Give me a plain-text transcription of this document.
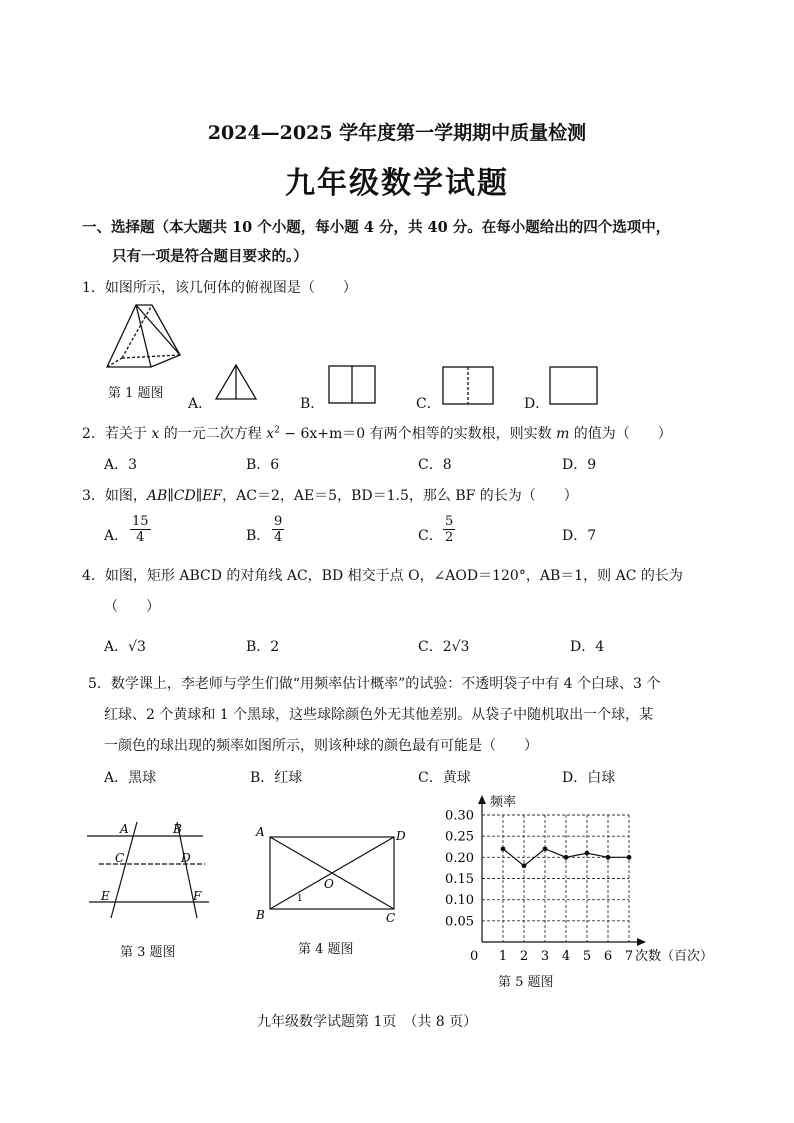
2024—2025 学年度第一学期期中质量检测
九年级数学试题
一、选择题（本大题共 10 个小题，每小题 4 分，共 40 分。在每小题给出的四个选项中，
只有一项是符合题目要求的。）
1．如图所示，该几何体的俯视图是（　　）
第 1 题图
A．	B．	C．	D．
2．若关于 x 的一元二次方程 $x^2 - 6x+m=0$ 有两个相等的实数根，则实数 m 的值为（　　）
A．3	B．6	C．8	D．9
3．如图，AB∥CD∥EF，AC＝2，AE＝5，BD＝1.5，那么 BF 的长为（　　）
A． $\frac{15}{4}$	B． $\frac{9}{4}$	C． $\frac{5}{2}$	D．7
4．如图，矩形 ABCD 的对角线 AC，BD 相交于点 O，∠AOD＝120°，AB＝1，则 AC 的长为
（　　）
A．√3	B．2	C．2√3	D．4
5．数学课上，李老师与学生们做“用频率估计概率”的试验：不透明袋子中有 4 个白球、3 个
红球、2 个黄球和 1 个黑球，这些球除颜色外无其他差别。从袋子中随机取出一个球，某
一颜色的球出现的频率如图所示，则该种球的颜色最有可能是（　　）
A．黑球	B．红球	C．黄球	D．白球
A	B
C	D
E	F
第 3 题图
A	D
B	C
O
1
第 4 题图
频率
次数（百次）
0
0.05
0.10
0.15
0.20
0.25
0.30
1 2 3 4 5 6 7
第 5 题图
九年级数学试题第 1页　（共 8 页）
